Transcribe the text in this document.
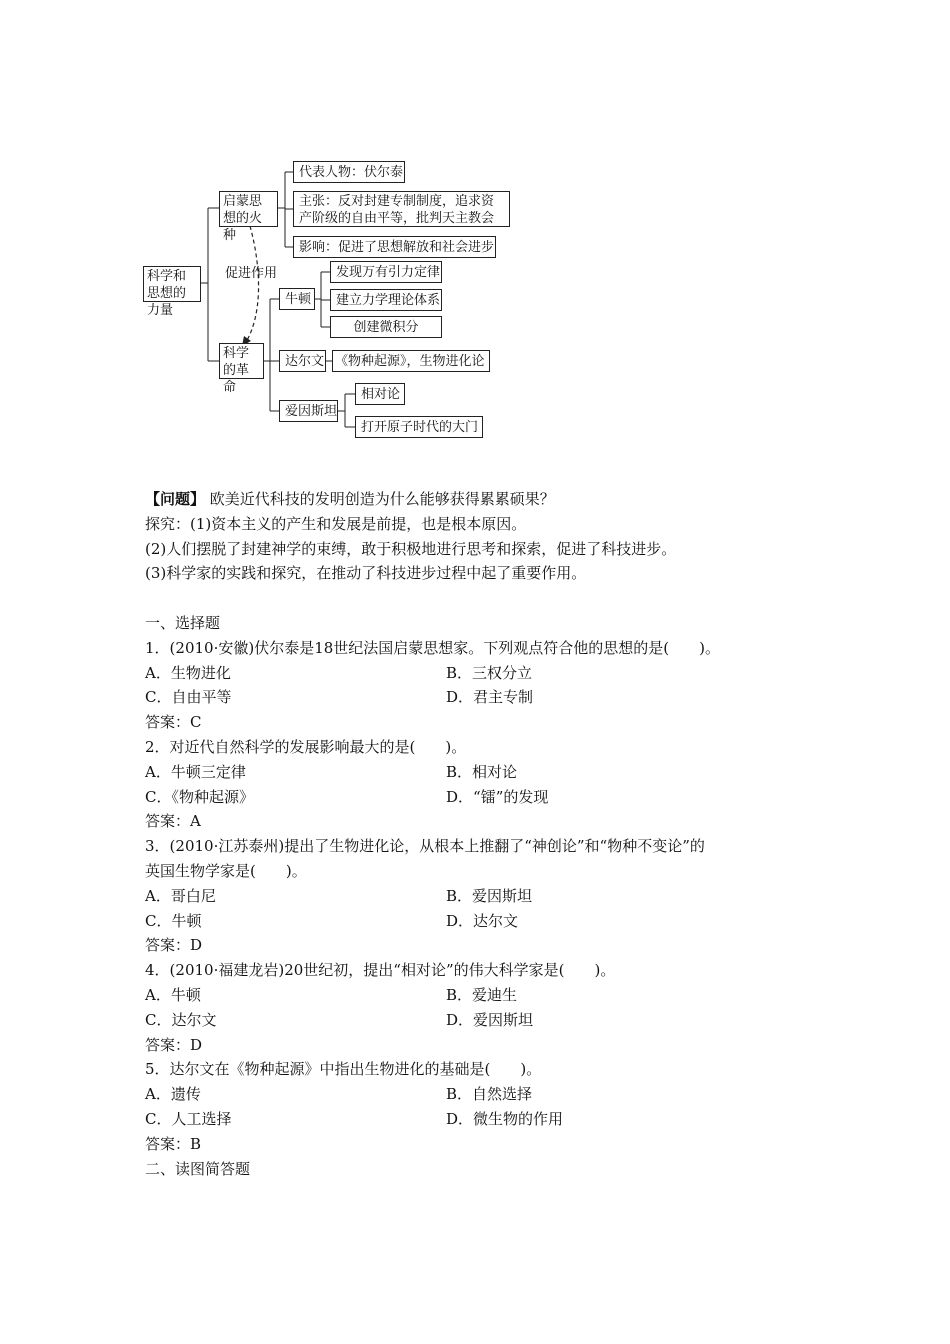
科学和思想的力量
启蒙思想的火种
代表人物：伏尔泰
主张：反对封建专制制度，追求资产阶级的自由平等，批判天主教会
影响：促进了思想解放和社会进步
促进作用
科学的革命
牛顿
发现万有引力定律
建立力学理论体系
创建微积分
达尔文 《物种起源》，生物进化论
爱因斯坦
相对论
打开原子时代的大门
【问题】 欧美近代科技的发明创造为什么能够获得累累硕果？
探究：(1)资本主义的产生和发展是前提，也是根本原因。
(2)人们摆脱了封建神学的束缚，敢于积极地进行思考和探索，促进了科技进步。
(3)科学家的实践和探究，在推动了科技进步过程中起了重要作用。
一、选择题
1．(2010·安徽)伏尔泰是18世纪法国启蒙思想家。下列观点符合他的思想的是(　　)。
A．生物进化	B．三权分立
C．自由平等	D．君主专制
答案：C
2．对近代自然科学的发展影响最大的是(　　)。
A．牛顿三定律	B．相对论
C．《物种起源》	D．“镭”的发现
答案：A
3．(2010·江苏泰州)提出了生物进化论，从根本上推翻了“神创论”和“物种不变论”的
英国生物学家是(　　)。
A．哥白尼	B．爱因斯坦
C．牛顿	D．达尔文
答案：D
4．(2010·福建龙岩)20世纪初，提出“相对论”的伟大科学家是(　　)。
A．牛顿	B．爱迪生
C．达尔文	D．爱因斯坦
答案：D
5．达尔文在《物种起源》中指出生物进化的基础是(　　)。
A．遗传	B．自然选择
C．人工选择	D．微生物的作用
答案：B
二、读图简答题
